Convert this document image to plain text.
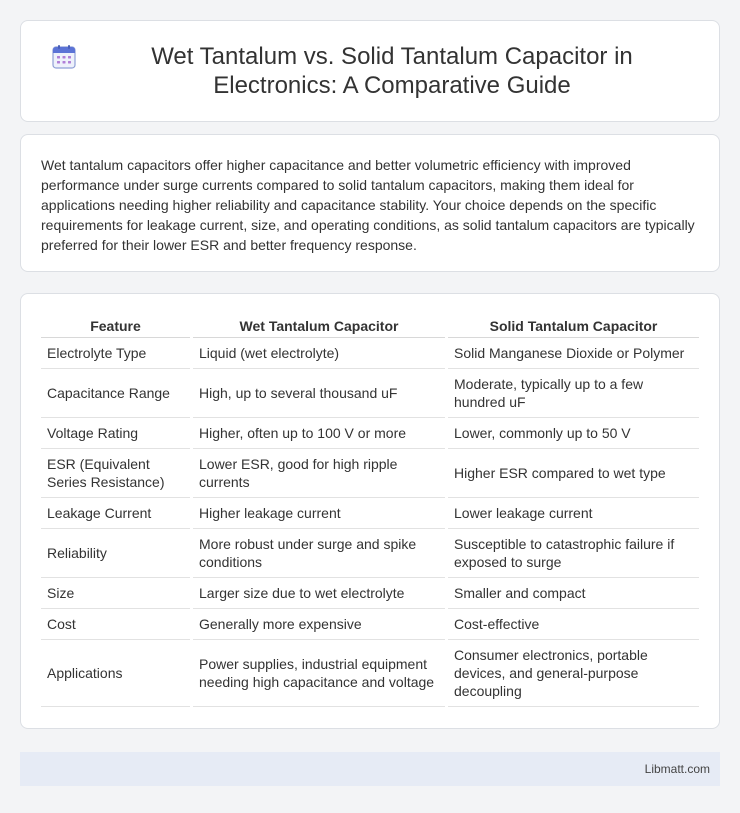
Wet Tantalum vs. Solid Tantalum Capacitor in Electronics: A Comparative Guide

Wet tantalum capacitors offer higher capacitance and better volumetric efficiency with improved performance under surge currents compared to solid tantalum capacitors, making them ideal for applications needing higher reliability and capacitance stability. Your choice depends on the specific requirements for leakage current, size, and operating conditions, as solid tantalum capacitors are typically preferred for their lower ESR and better frequency response.

Feature	Wet Tantalum Capacitor	Solid Tantalum Capacitor
Electrolyte Type	Liquid (wet electrolyte)	Solid Manganese Dioxide or Polymer
Capacitance Range	High, up to several thousand uF	Moderate, typically up to a few hundred uF
Voltage Rating	Higher, often up to 100 V or more	Lower, commonly up to 50 V
ESR (Equivalent Series Resistance)	Lower ESR, good for high ripple currents	Higher ESR compared to wet type
Leakage Current	Higher leakage current	Lower leakage current
Reliability	More robust under surge and spike conditions	Susceptible to catastrophic failure if exposed to surge
Size	Larger size due to wet electrolyte	Smaller and compact
Cost	Generally more expensive	Cost-effective
Applications	Power supplies, industrial equipment needing high capacitance and voltage	Consumer electronics, portable devices, and general-purpose decoupling
Libmatt.com
